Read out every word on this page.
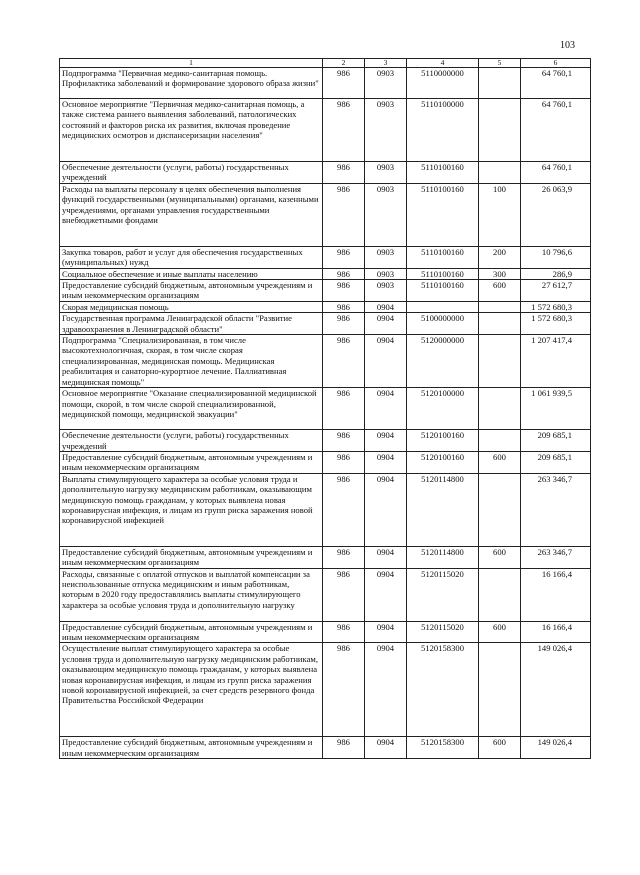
103
1	2	3	4	5	6
Подпрограмма "Первичная медико-санитарная помощь. Профилактика заболеваний и формирование здорового образа жизни"	986	0903	5110000000		64 760,1
Основное мероприятие "Первичная медико-санитарная помощь, а также система раннего выявления заболеваний, патологических состояний и факторов риска их развития, включая проведение медицинских осмотров и диспансеризации населения"	986	0903	5110100000		64 760,1
Обеспечение деятельности (услуги, работы) государственных учреждений	986	0903	5110100160		64 760,1
Расходы на выплаты персоналу в целях обеспечения выполнения функций государственными (муниципальными) органами, казенными учреждениями, органами управления государственными внебюджетными фондами	986	0903	5110100160	100	26 063,9
Закупка товаров, работ и услуг для обеспечения государственных (муниципальных) нужд	986	0903	5110100160	200	10 796,6
Социальное обеспечение и иные выплаты населению	986	0903	5110100160	300	286,9
Предоставление субсидий бюджетным, автономным учреждениям и иным некоммерческим организациям	986	0903	5110100160	600	27 612,7
Скорая медицинская помощь	986	0904			1 572 680,3
Государственная программа Ленинградской области "Развитие здравоохранения в Ленинградской области"	986	0904	5100000000		1 572 680,3
Подпрограмма "Специализированная, в том числе высокотехнологичная, скорая, в том числе скорая специализированная, медицинская помощь. Медицинская реабилитация и санаторно-курортное лечение. Паллиативная медицинская помощь"	986	0904	5120000000		1 207 417,4
Основное мероприятие "Оказание специализированной медицинской помощи, скорой, в том числе скорой специализированной, медицинской помощи, медицинской эвакуации"	986	0904	5120100000		1 061 939,5
Обеспечение деятельности (услуги, работы) государственных учреждений	986	0904	5120100160		209 685,1
Предоставление субсидий бюджетным, автономным учреждениям и иным некоммерческим организациям	986	0904	5120100160	600	209 685,1
Выплаты стимулирующего характера за особые условия труда и дополнительную нагрузку медицинским работникам, оказывающим медицинскую помощь гражданам, у которых выявлена новая коронавирусная инфекция, и лицам из групп риска заражения новой коронавирусной инфекцией	986	0904	5120114800		263 346,7
Предоставление субсидий бюджетным, автономным учреждениям и иным некоммерческим организациям	986	0904	5120114800	600	263 346,7
Расходы, связанные с оплатой отпусков и выплатой компенсации за неиспользованные отпуска медицинским и иным работникам, которым в 2020 году предоставлялись выплаты стимулирующего характера за особые условия труда и дополнительную нагрузку	986	0904	5120115020		16 166,4
Предоставление субсидий бюджетным, автономным учреждениям и иным некоммерческим организациям	986	0904	5120115020	600	16 166,4
Осуществление выплат стимулирующего характера за особые условия труда и дополнительную нагрузку медицинским работникам, оказывающим медицинскую помощь гражданам, у которых выявлена новая коронавирусная инфекция, и лицам из групп риска заражения новой коронавирусной инфекцией, за счет средств резервного фонда Правительства Российской Федерации	986	0904	5120158300		149 026,4
Предоставление субсидий бюджетным, автономным учреждениям и иным некоммерческим организациям	986	0904	5120158300	600	149 026,4
